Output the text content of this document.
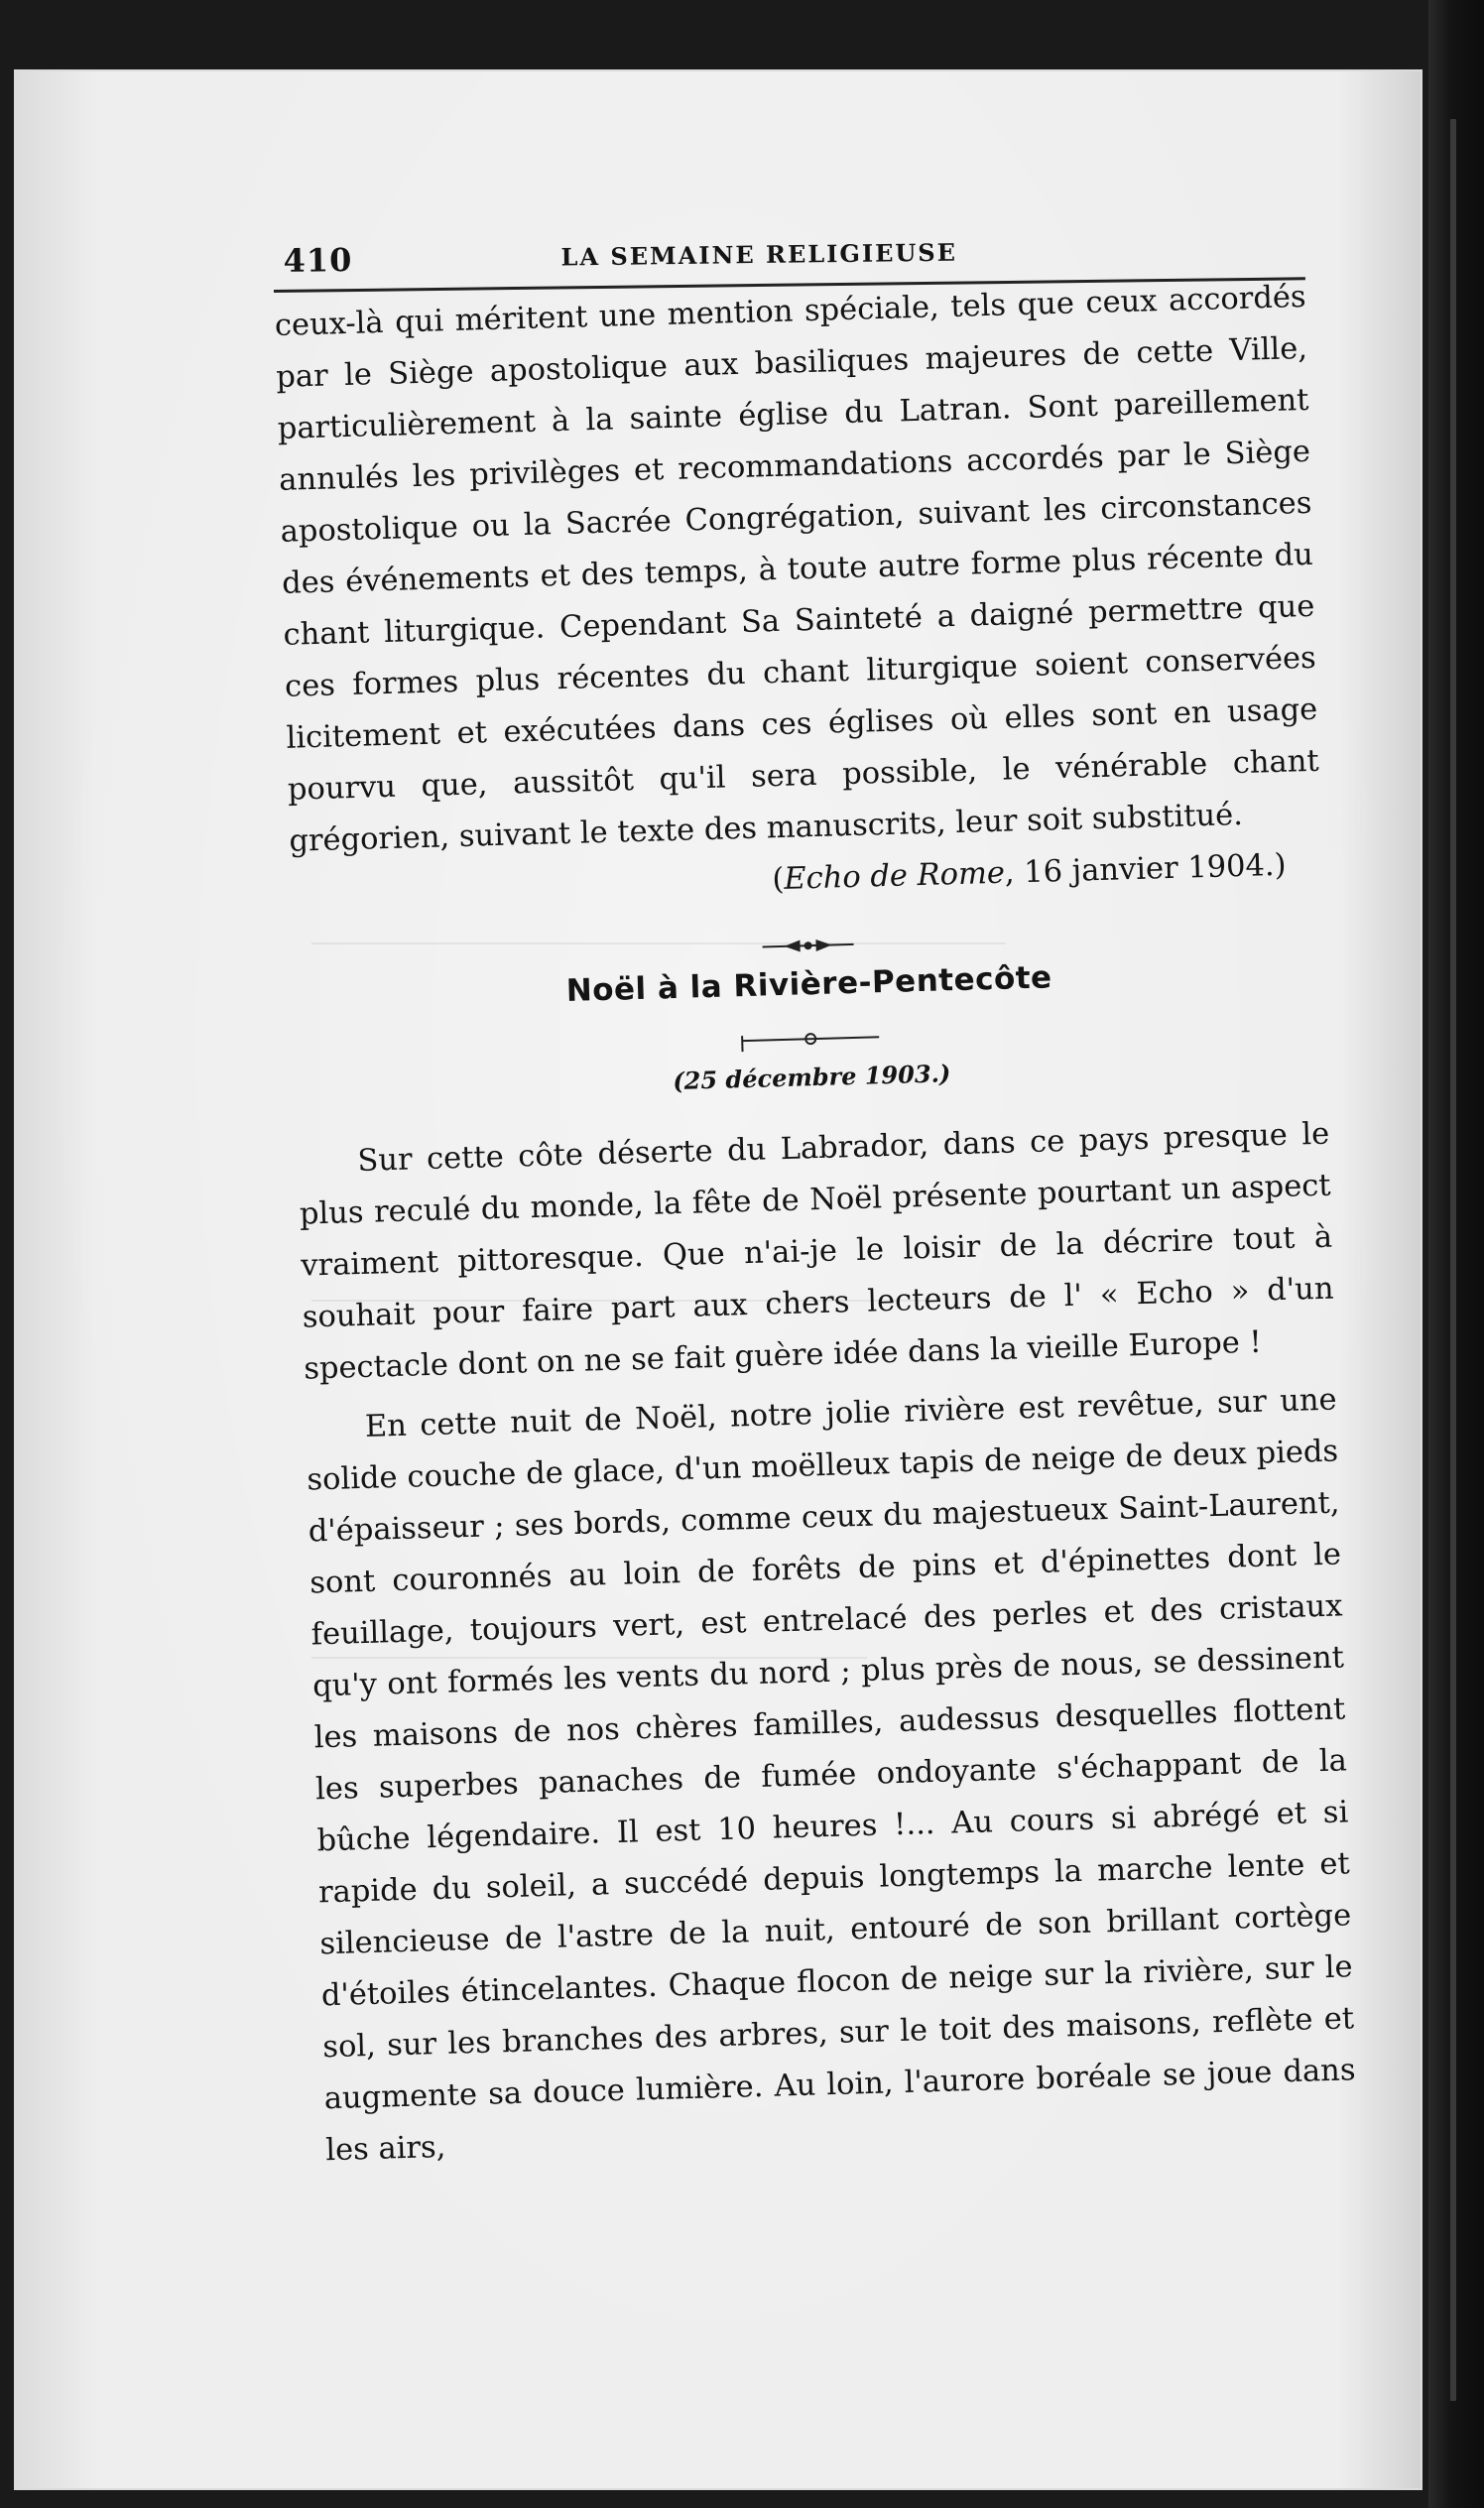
410	LA SEMAINE RELIGIEUSE

ceux-là qui méritent une mention spéciale, tels que ceux accordés par le Siège apostolique aux basiliques majeures de cette Ville, particulièrement à la sainte église du Latran. Sont pareillement annulés les privilèges et recommandations accordés par le Siège apostolique ou la Sacrée Congrégation, suivant les circonstances des événements et des temps, à toute autre forme plus récente du chant liturgique. Cependant Sa Sainteté a daigné permettre que ces formes plus récentes du chant liturgique soient conservées licitement et exécutées dans ces églises où elles sont en usage pourvu que, aussitôt qu'il sera possible, le vénérable chant grégorien, suivant le texte des manuscrits, leur soit substitué.

(Echo de Rome, 16 janvier 1904.)

Noël à la Rivière-Pentecôte

(25 décembre 1903.)

Sur cette côte déserte du Labrador, dans ce pays presque le plus reculé du monde, la fête de Noël présente pourtant un aspect vraiment pittoresque. Que n'ai-je le loisir de la décrire tout à souhait pour faire part aux chers lecteurs de l' « Echo » d'un spectacle dont on ne se fait guère idée dans la vieille Europe !

En cette nuit de Noël, notre jolie rivière est revêtue, sur une solide couche de glace, d'un moëlleux tapis de neige de deux pieds d'épaisseur ; ses bords, comme ceux du majestueux Saint-Laurent, sont couronnés au loin de forêts de pins et d'épinettes dont le feuillage, toujours vert, est entrelacé des perles et des cristaux qu'y ont formés les vents du nord ; plus près de nous, se dessinent les maisons de nos chères familles, audessus desquelles flottent les superbes panaches de fumée ondoyante s'échappant de la bûche légendaire. Il est 10 heures !... Au cours si abrégé et si rapide du soleil, a succédé depuis longtemps la marche lente et silencieuse de l'astre de la nuit, entouré de son brillant cortège d'étoiles étincelantes. Chaque flocon de neige sur la rivière, sur le sol, sur les branches des arbres, sur le toit des maisons, reflète et augmente sa douce lumière. Au loin, l'aurore boréale se joue dans les airs,
